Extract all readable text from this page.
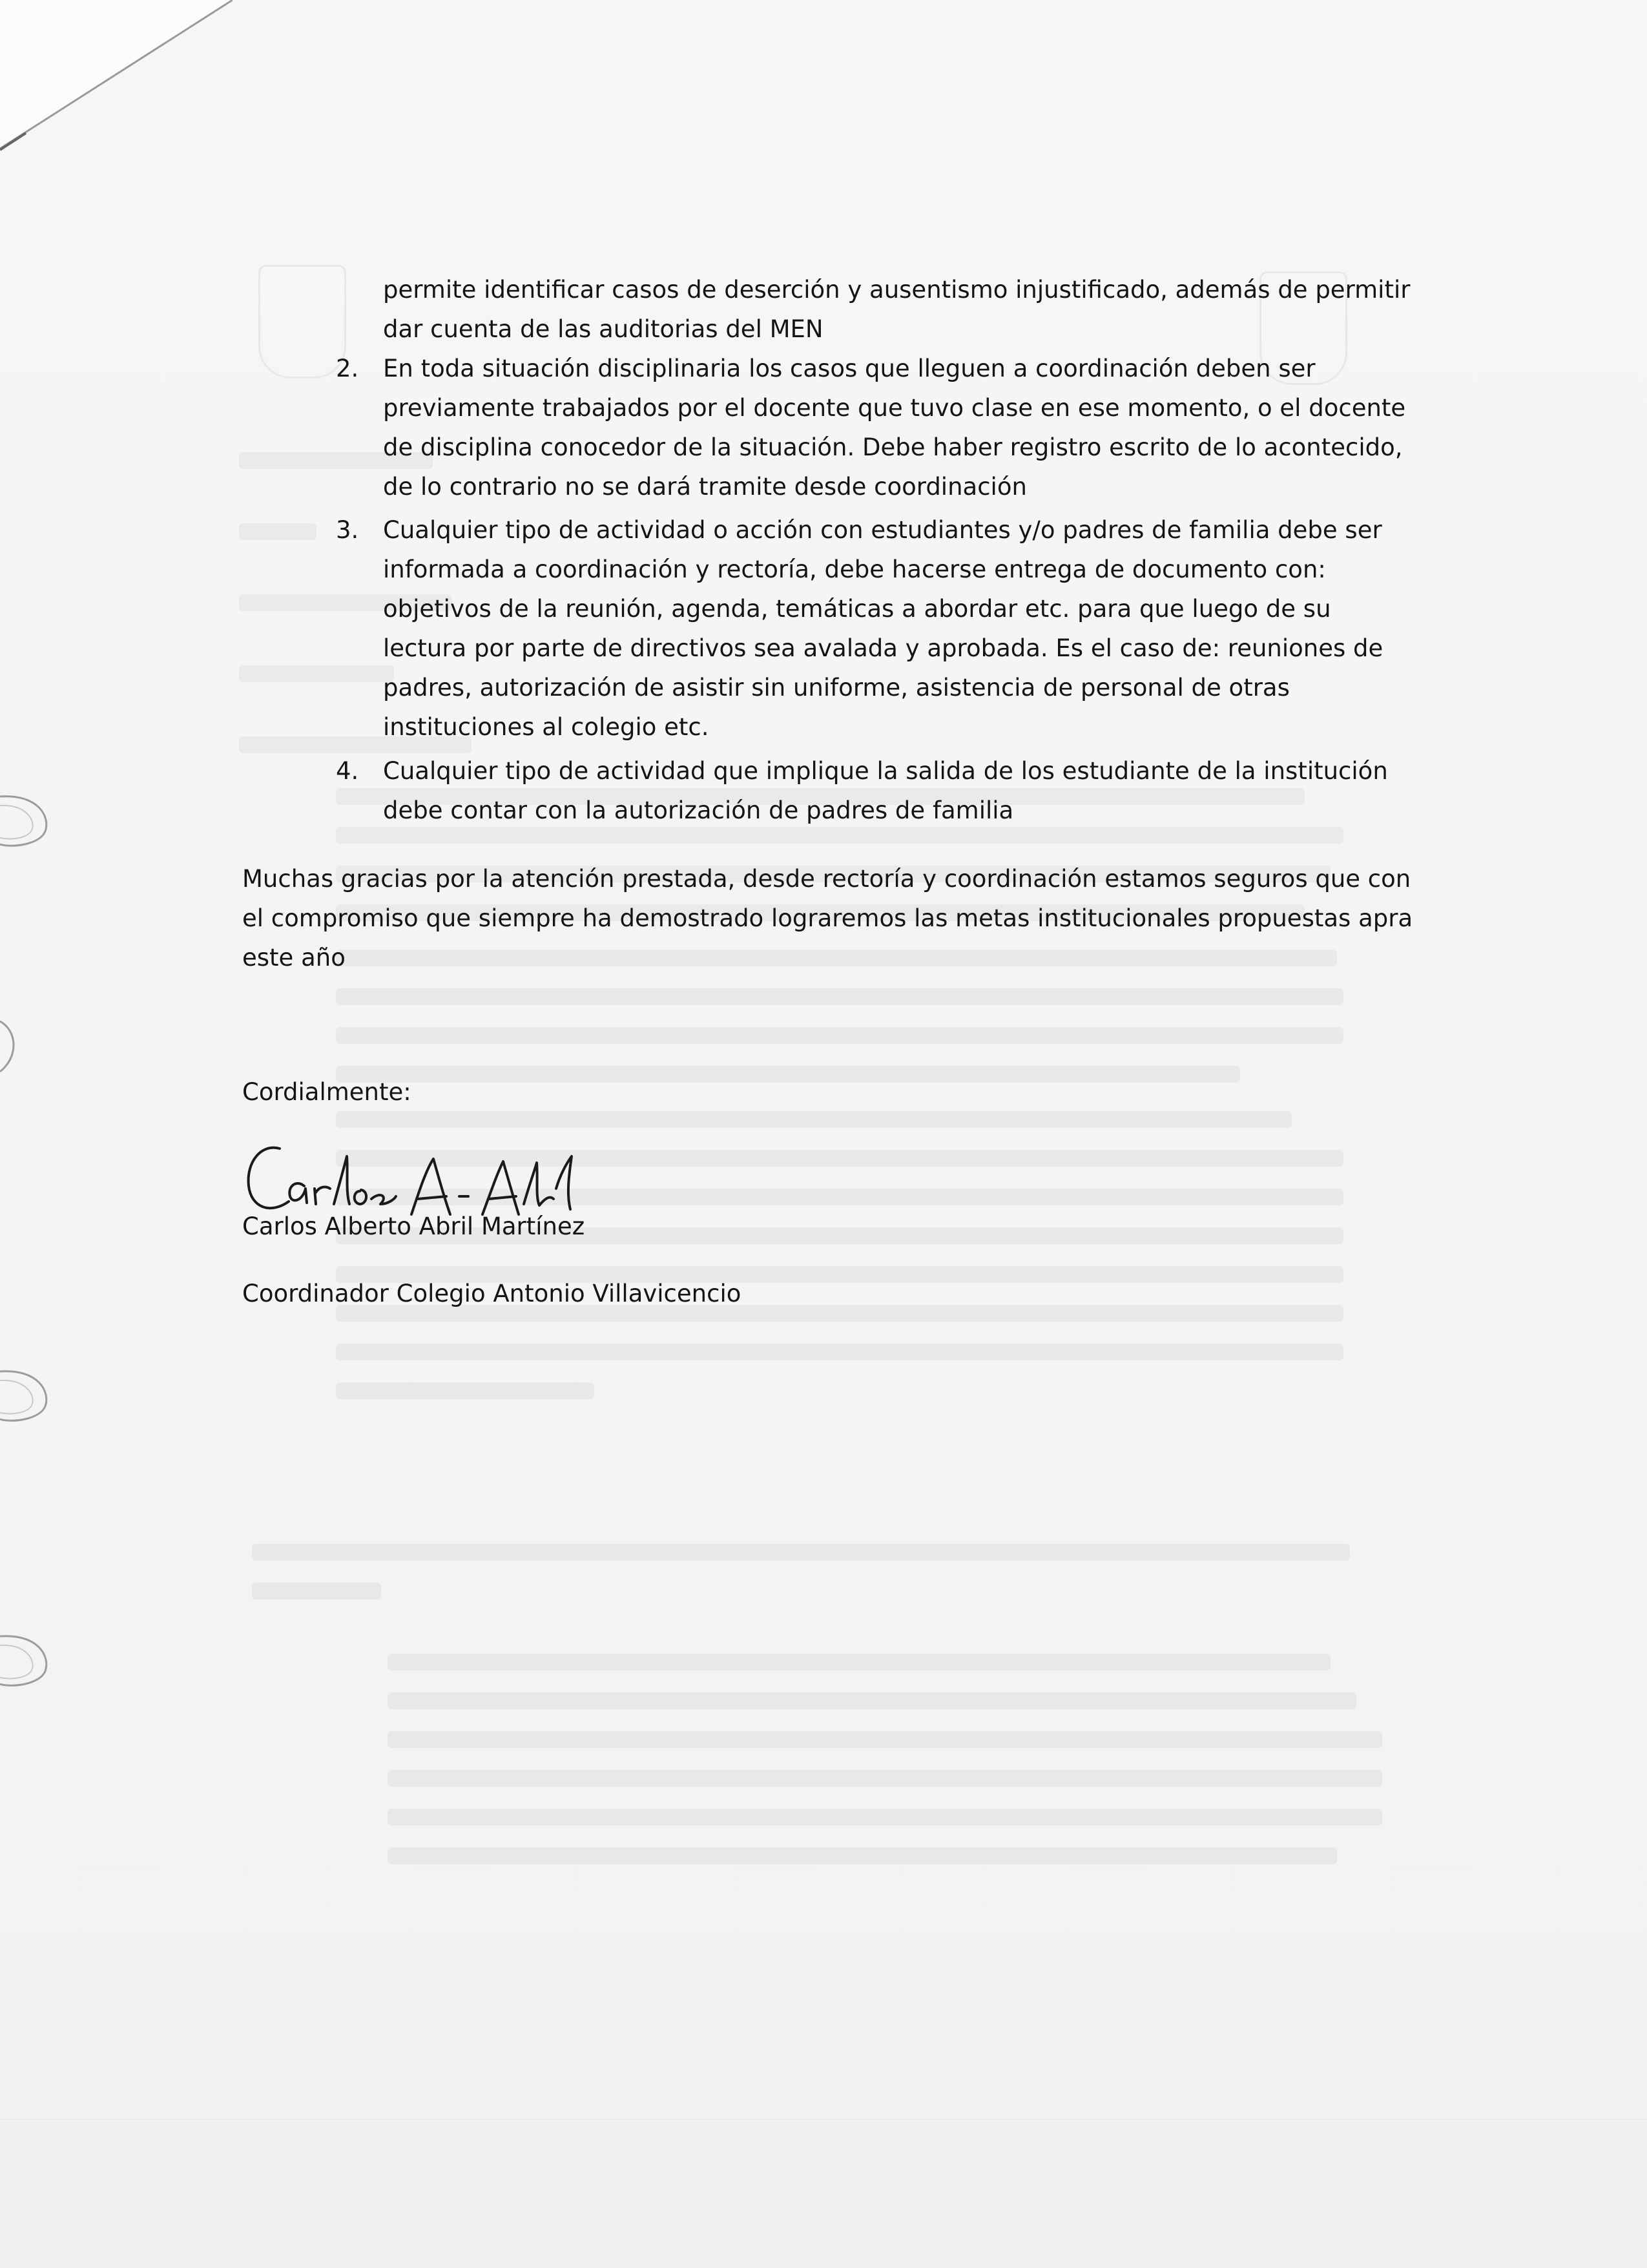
permite identificar casos de deserción y ausentismo injustificado, además de permitir
dar cuenta de las auditorias del MEN
2. En toda situación disciplinaria los casos que lleguen a coordinación deben ser
previamente trabajados por el docente que tuvo clase en ese momento, o el docente
de disciplina conocedor de la situación. Debe haber registro escrito de lo acontecido,
de lo contrario no se dará tramite desde coordinación
3. Cualquier tipo de actividad o acción con estudiantes y/o padres de familia debe ser
informada a coordinación y rectoría, debe hacerse entrega de documento con:
objetivos de la reunión, agenda, temáticas a abordar etc. para que luego de su
lectura por parte de directivos sea avalada y aprobada. Es el caso de: reuniones de
padres, autorización de asistir sin uniforme, asistencia de personal de otras
instituciones al colegio etc.
4. Cualquier tipo de actividad que implique la salida de los estudiante de la institución
debe contar con la autorización de padres de familia
Muchas gracias por la atención prestada, desde rectoría y coordinación estamos seguros que con
el compromiso que siempre ha demostrado lograremos las metas institucionales propuestas apra
este año
Cordialmente:
Carlos Alberto Abril Martínez
Coordinador Colegio Antonio Villavicencio
